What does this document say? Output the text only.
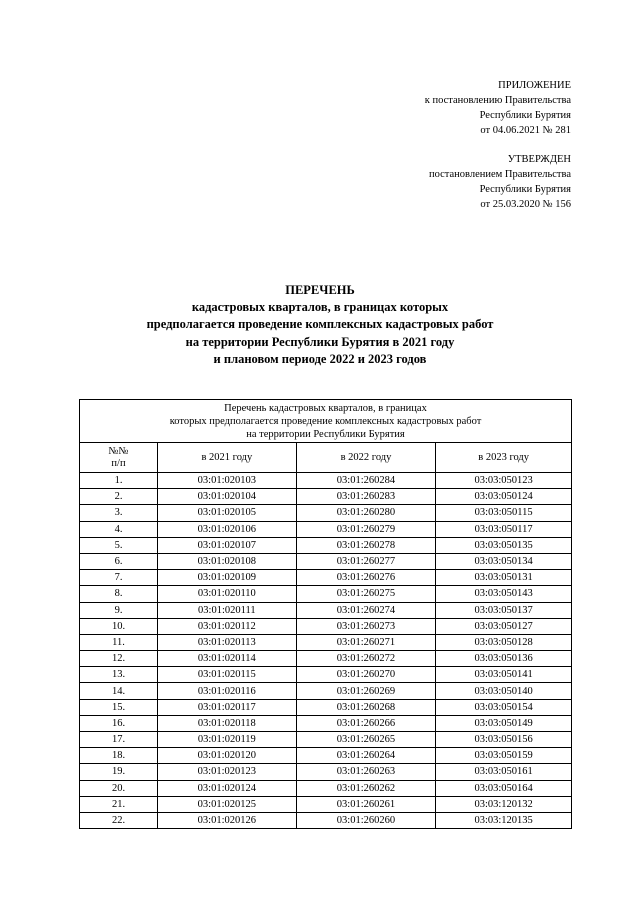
ПРИЛОЖЕНИЕ
к постановлению Правительства
Республики Бурятия
от 04.06.2021 № 281
УТВЕРЖДЕН
постановлением Правительства
Республики Бурятия
от 25.03.2020 № 156
ПЕРЕЧЕНЬ
кадастровых кварталов, в границах которых
предполагается проведение комплексных кадастровых работ
на территории Республики Бурятия в 2021 году
и плановом периоде 2022 и 2023 годов
Перечень кадастровых кварталов, в границах
которых предполагается проведение комплексных кадастровых работ
на территории Республики Бурятия			

№№
п/п	в 2021 году	в 2022 году	в 2023 году
1.	03:01:020103	03:01:260284	03:03:050123
2.	03:01:020104	03:01:260283	03:03:050124
3.	03:01:020105	03:01:260280	03:03:050115
4.	03:01:020106	03:01:260279	03:03:050117
5.	03:01:020107	03:01:260278	03:03:050135
6.	03:01:020108	03:01:260277	03:03:050134
7.	03:01:020109	03:01:260276	03:03:050131
8.	03:01:020110	03:01:260275	03:03:050143
9.	03:01:020111	03:01:260274	03:03:050137
10.	03:01:020112	03:01:260273	03:03:050127
11.	03:01:020113	03:01:260271	03:03:050128
12.	03:01:020114	03:01:260272	03:03:050136
13.	03:01:020115	03:01:260270	03:03:050141
14.	03:01:020116	03:01:260269	03:03:050140
15.	03:01:020117	03:01:260268	03:03:050154
16.	03:01:020118	03:01:260266	03:03:050149
17.	03:01:020119	03:01:260265	03:03:050156
18.	03:01:020120	03:01:260264	03:03:050159
19.	03:01:020123	03:01:260263	03:03:050161
20.	03:01:020124	03:01:260262	03:03:050164
21.	03:01:020125	03:01:260261	03:03:120132
22.	03:01:020126	03:01:260260	03:03:120135
